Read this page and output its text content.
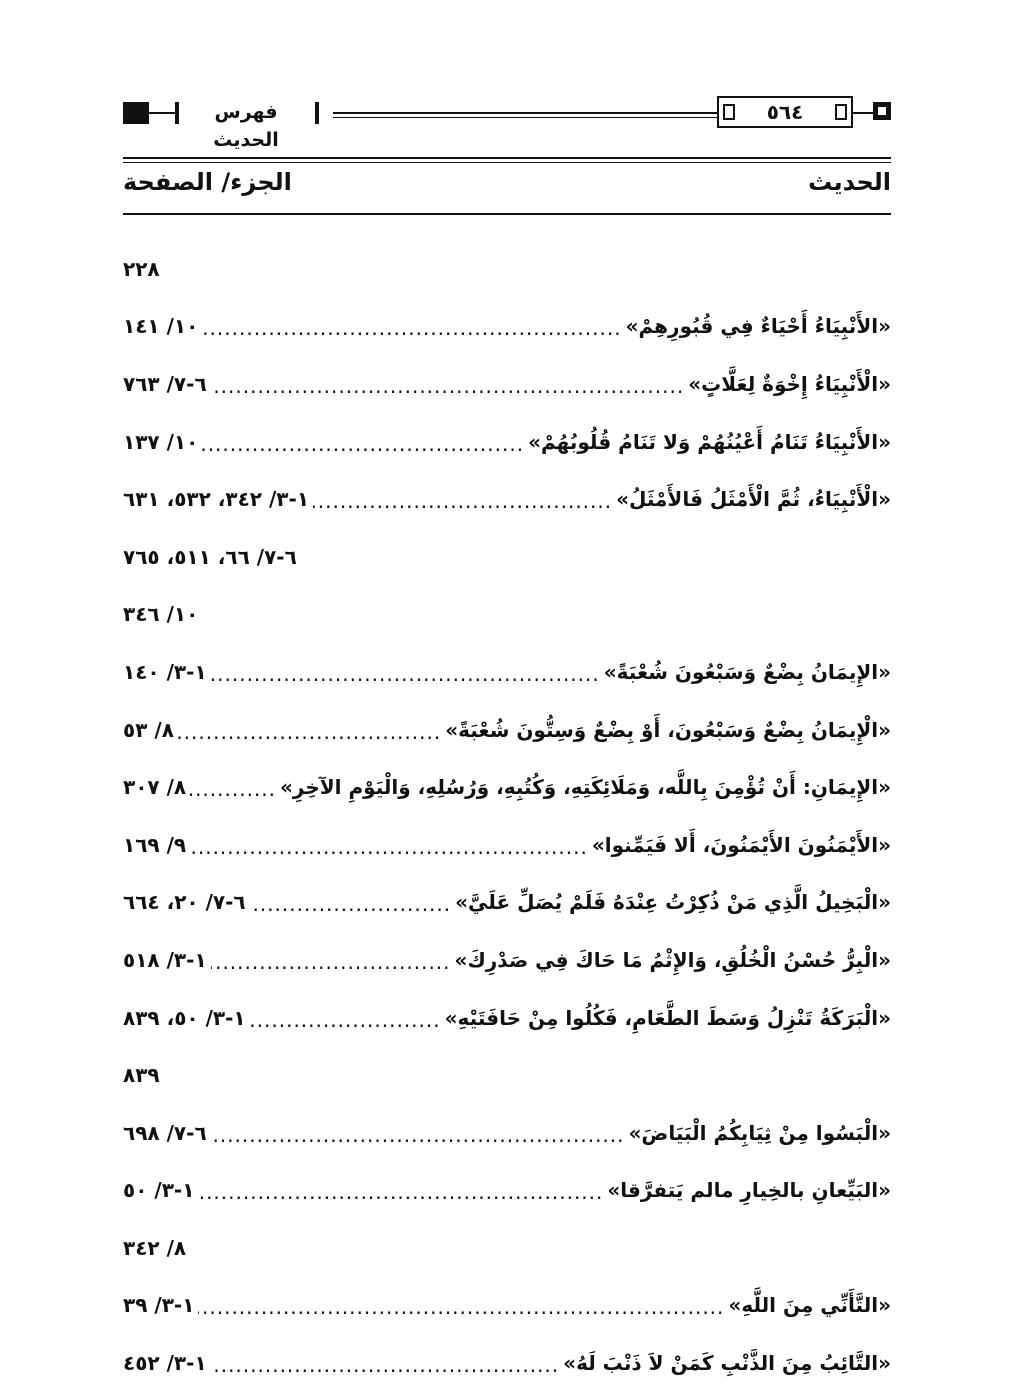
٥٦٤
فهرس الحديث
الحديث
الجزء/ الصفحة
٢٢٨
«الأَنْبِيَاءُ أَحْيَاءٌ فِي قُبُورِهِمْ»
.....
١٠/ ١٤١
«الْأَنْبِيَاءُ إِخْوَةٌ لِعَلَّاتٍ»
.....
٦-٧/ ٧٦٣
«الأَنْبِيَاءُ تَنَامُ أَعْيُنُهُمْ وَلا تَنَامُ قُلُوبُهُمْ»
.....
١٠/ ١٣٧
«الْأَنْبِيَاءُ، ثُمَّ الْأَمْثَلُ فَالأَمْثَلُ»
.....
١-٣/ ٣٤٢، ٥٣٢، ٦٣١
٦-٧/ ٦٦، ٥١١، ٧٦٥
١٠/ ٣٤٦
«الإِيمَانُ بِضْعٌ وَسَبْعُونَ شُعْبَةً»
.....
١-٣/ ١٤٠
«الْإِيمَانُ بِضْعٌ وَسَبْعُونَ، أَوْ بِضْعٌ وَسِتُّونَ شُعْبَةً»
.....
٨/ ٥٣
«الإِيمَانِ: أَنْ تُؤْمِنَ بِاللَّه، وَمَلَائِكَتِهِ، وَكُتُبِهِ، وَرُسُلِهِ، وَالْيَوْمِ الآخِرِ»
.....
٨/ ٣٠٧
«الأَيْمَنُونَ الأَيْمَنُونَ، أَلا فَيَمِّنوا»
.....
٩/ ١٦٩
«الْبَخِيلُ الَّذِي مَنْ ذُكِرْتُ عِنْدَهُ فَلَمْ يُصَلِّ عَلَيَّ»
.....
٦-٧/ ٢٠، ٦٦٤
«الْبِرُّ حُسْنُ الْخُلُقِ، وَالإِثْمُ مَا حَاكَ فِي صَدْرِكَ»
.....
١-٣/ ٥١٨
«الْبَرَكَةُ تَنْزِلُ وَسَطَ الطَّعَامِ، فَكُلُوا مِنْ حَافَتَيْهِ»
.....
١-٣/ ٥٠، ٨٣٩
٨٣٩
«الْبَسُوا مِنْ ثِيَابِكُمُ الْبَيَاضَ»
.....
٦-٧/ ٦٩٨
«البَيِّعانِ بالخِيارِ مالم يَتفرَّقا»
.....
١-٣/ ٥٠
٨/ ٣٤٢
«التَّأَنِّي مِنَ اللَّهِ»
.....
١-٣/ ٣٩
«التَّائِبُ مِنَ الذَّنْبِ كَمَنْ لاَ ذَنْبَ لَهُ»
.....
١-٣/ ٤٥٢
